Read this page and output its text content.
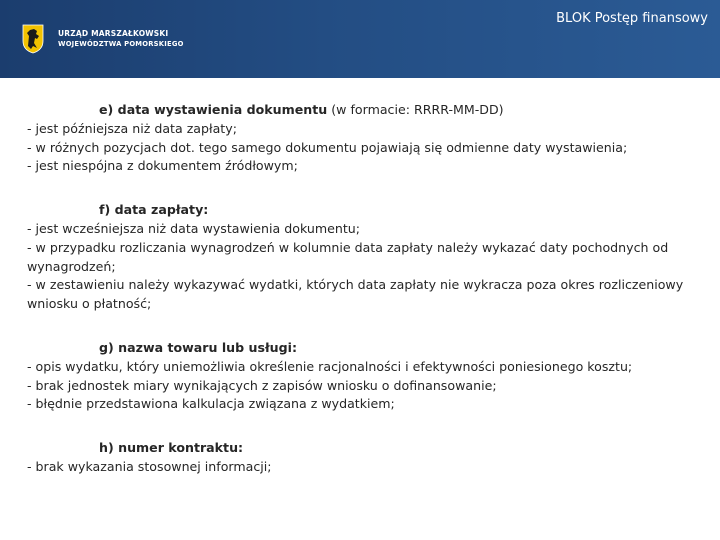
URZĄD MARSZAŁKOWSKI
WOJEWÓDZTWA POMORSKIEGO
BLOK Postęp finansowy

e) data wystawienia dokumentu (w formacie: RRRR-MM-DD)

- jest późniejsza niż data zapłaty;

- w różnych pozycjach dot. tego samego dokumentu pojawiają się odmienne daty wystawienia;

- jest niespójna z dokumentem źródłowym;

f) data zapłaty:

- jest wcześniejsza niż data wystawienia dokumentu;

- w przypadku rozliczania wynagrodzeń w kolumnie data zapłaty należy wykazać daty pochodnych od wynagrodzeń;

- w zestawieniu należy wykazywać wydatki, których data zapłaty nie wykracza poza okres rozliczeniowy wniosku o płatność;

g) nazwa towaru lub usługi:

- opis wydatku, który uniemożliwia określenie racjonalności i efektywności poniesionego kosztu;

- brak jednostek miary wynikających z zapisów wniosku o dofinansowanie;

- błędnie przedstawiona kalkulacja związana z wydatkiem;

h) numer kontraktu:

- brak wykazania stosownej informacji;
